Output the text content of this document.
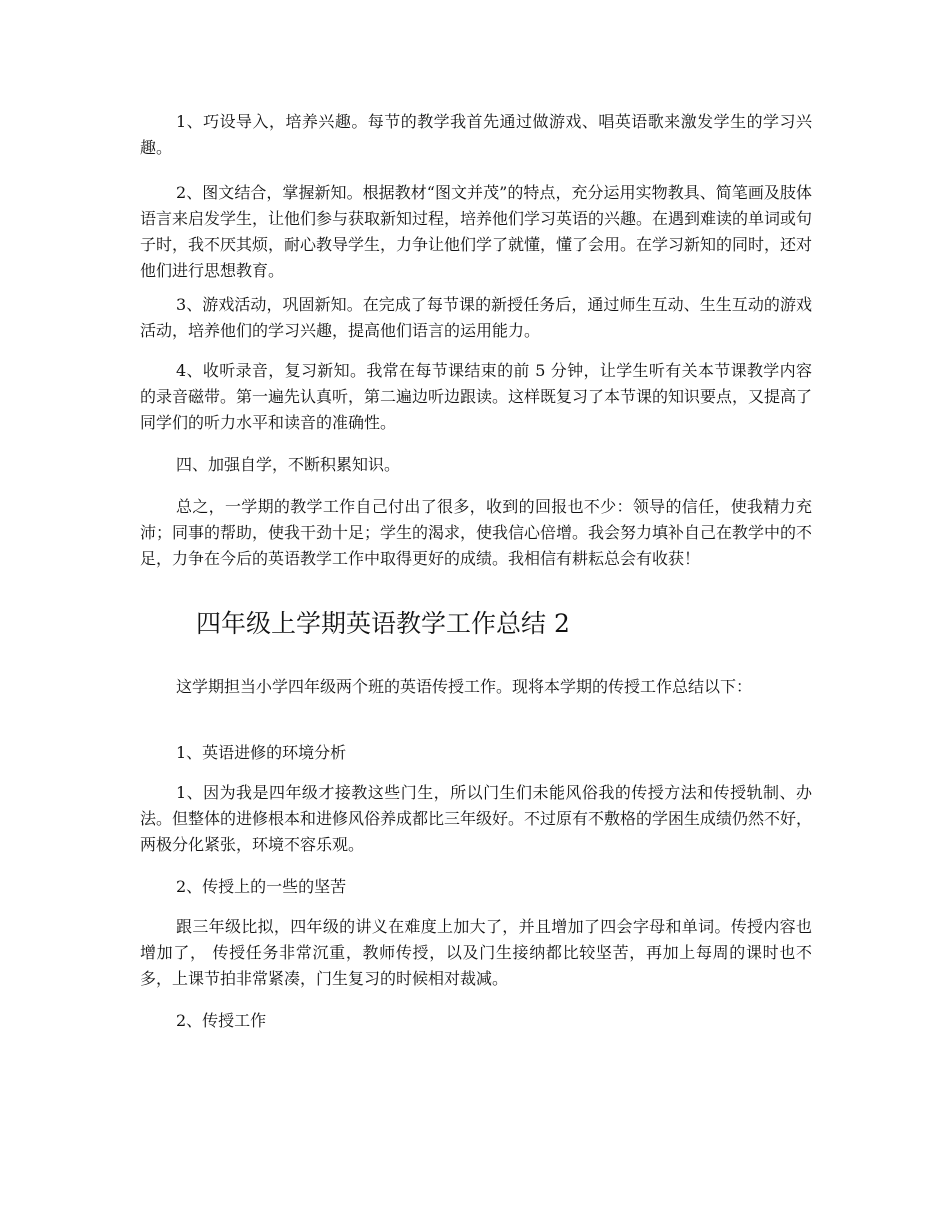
1、巧设导入，培养兴趣。每节的教学我首先通过做游戏、唱英语歌来激发学生的学习兴趣。

2、图文结合，掌握新知。根据教材“图文并茂”的特点，充分运用实物教具、简笔画及肢体语言来启发学生，让他们参与获取新知过程，培养他们学习英语的兴趣。在遇到难读的单词或句子时，我不厌其烦，耐心教导学生，力争让他们学了就懂，懂了会用。在学习新知的同时，还对他们进行思想教育。

3、游戏活动，巩固新知。在完成了每节课的新授任务后，通过师生互动、生生互动的游戏活动，培养他们的学习兴趣，提高他们语言的运用能力。

4、收听录音，复习新知。我常在每节课结束的前 5 分钟，让学生听有关本节课教学内容的录音磁带。第一遍先认真听，第二遍边听边跟读。这样既复习了本节课的知识要点，又提高了同学们的听力水平和读音的准确性。

四、加强自学，不断积累知识。

总之，一学期的教学工作自己付出了很多，收到的回报也不少：领导的信任，使我精力充沛；同事的帮助，使我干劲十足；学生的渴求，使我信心倍增。我会努力填补自己在教学中的不足，力争在今后的英语教学工作中取得更好的成绩。我相信有耕耘总会有收获！

四年级上学期英语教学工作总结 2

这学期担当小学四年级两个班的英语传授工作。现将本学期的传授工作总结以下：

1、英语进修的环境分析

1、因为我是四年级才接教这些门生，所以门生们未能风俗我的传授方法和传授轨制、办法。但整体的进修根本和进修风俗养成都比三年级好。不过原有不敷格的学困生成绩仍然不好，两极分化紧张，环境不容乐观。

2、传授上的一些的坚苦

跟三年级比拟，四年级的讲义在难度上加大了，并且增加了四会字母和单词。传授内容也增加了， 传授任务非常沉重，教师传授，以及门生接纳都比较坚苦，再加上每周的课时也不多，上课节拍非常紧凑，门生复习的时候相对裁减。

2、传授工作
